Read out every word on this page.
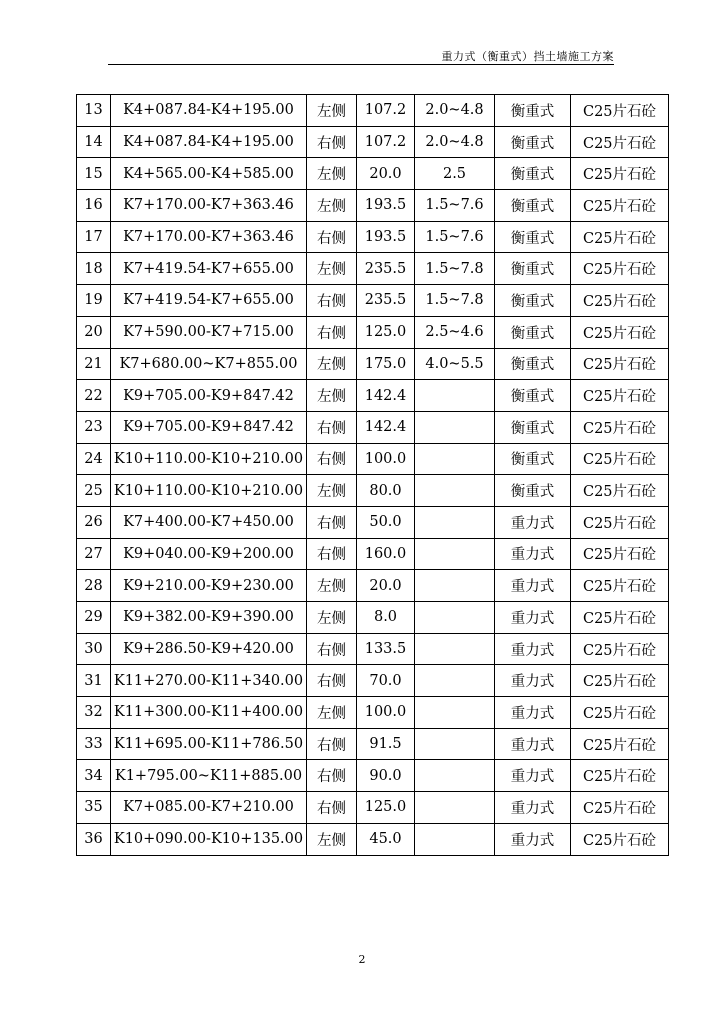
重力式（衡重式）挡土墙施工方案
13	K4+087.84-K4+195.00	左侧	107.2	2.0~4.8	衡重式	C25片石砼
14	K4+087.84-K4+195.00	右侧	107.2	2.0~4.8	衡重式	C25片石砼
15	K4+565.00-K4+585.00	左侧	20.0	2.5	衡重式	C25片石砼
16	K7+170.00-K7+363.46	左侧	193.5	1.5~7.6	衡重式	C25片石砼
17	K7+170.00-K7+363.46	右侧	193.5	1.5~7.6	衡重式	C25片石砼
18	K7+419.54-K7+655.00	左侧	235.5	1.5~7.8	衡重式	C25片石砼
19	K7+419.54-K7+655.00	右侧	235.5	1.5~7.8	衡重式	C25片石砼
20	K7+590.00-K7+715.00	右侧	125.0	2.5~4.6	衡重式	C25片石砼
21	K7+680.00~K7+855.00	左侧	175.0	4.0~5.5	衡重式	C25片石砼
22	K9+705.00-K9+847.42	左侧	142.4		衡重式	C25片石砼
23	K9+705.00-K9+847.42	右侧	142.4		衡重式	C25片石砼
24	K10+110.00-K10+210.00	右侧	100.0		衡重式	C25片石砼
25	K10+110.00-K10+210.00	左侧	80.0		衡重式	C25片石砼
26	K7+400.00-K7+450.00	右侧	50.0		重力式	C25片石砼
27	K9+040.00-K9+200.00	右侧	160.0		重力式	C25片石砼
28	K9+210.00-K9+230.00	左侧	20.0		重力式	C25片石砼
29	K9+382.00-K9+390.00	左侧	8.0		重力式	C25片石砼
30	K9+286.50-K9+420.00	右侧	133.5		重力式	C25片石砼
31	K11+270.00-K11+340.00	右侧	70.0		重力式	C25片石砼
32	K11+300.00-K11+400.00	左侧	100.0		重力式	C25片石砼
33	K11+695.00-K11+786.50	右侧	91.5		重力式	C25片石砼
34	K1+795.00~K11+885.00	右侧	90.0		重力式	C25片石砼
35	K7+085.00-K7+210.00	右侧	125.0		重力式	C25片石砼
36	K10+090.00-K10+135.00	左侧	45.0		重力式	C25片石砼
2
